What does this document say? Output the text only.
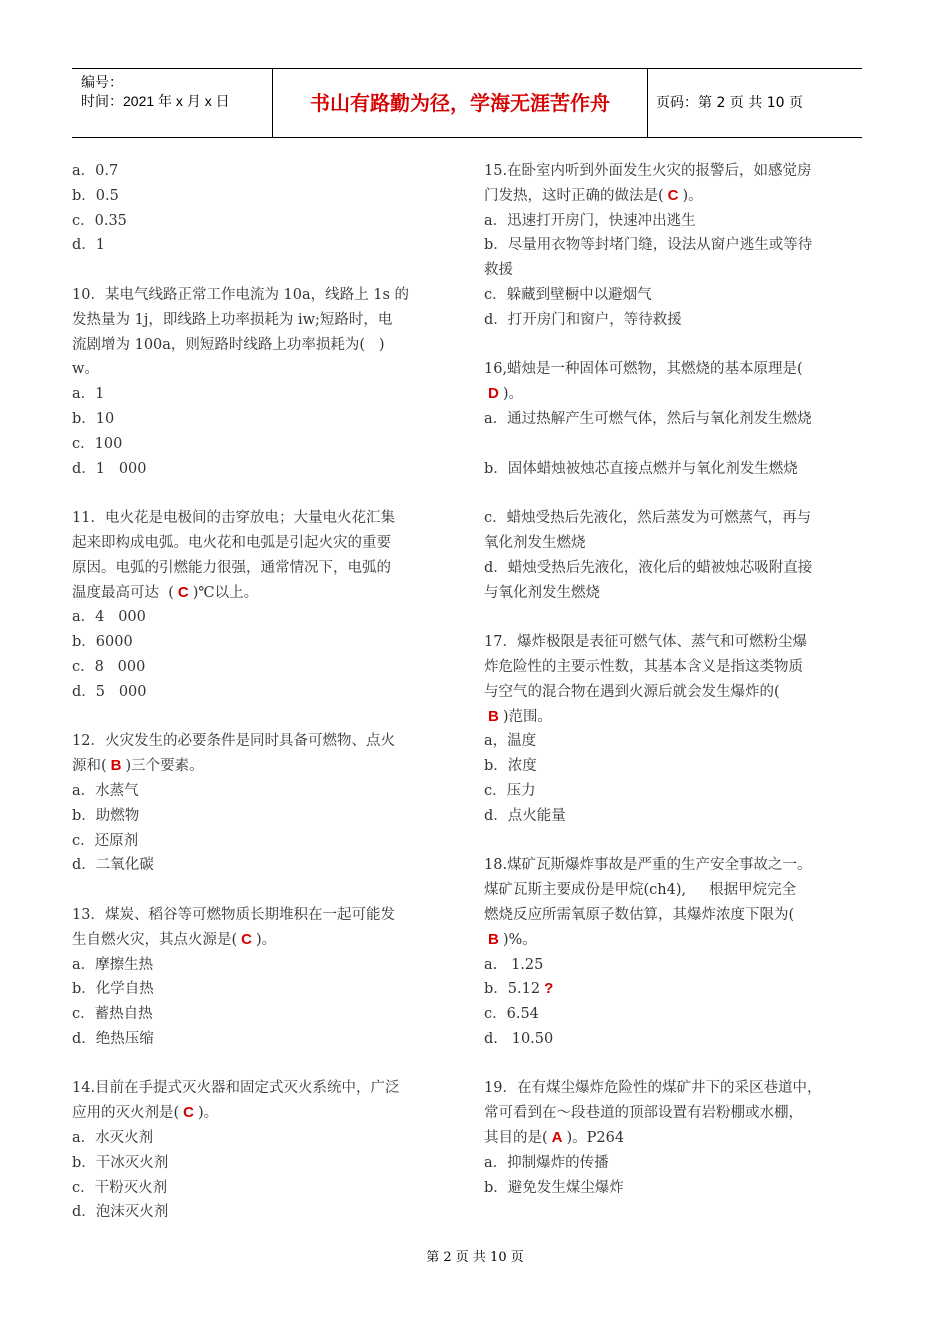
编号：
时间：2021 年 x 月 x 日	书山有路勤为径，学海无涯苦作舟	页码：第 2 页 共 10 页
a．0.7
b．0.5
c．0.35
d．1
10．某电气线路正常工作电流为 10a，线路上 1s 的
发热量为 1j，即线路上功率损耗为 iw;短路时，电
流剧增为 100a，则短路时线路上功率损耗为(   )
w。
a．1
b．10
c．100
d．1   000
11．电火花是电极间的击穿放电；大量电火花汇集
起来即构成电弧。电火花和电弧是引起火灾的重要
原因。电弧的引燃能力很强，通常情况下，电弧的
温度最高可达  ( C )℃以上。
a．4   000
b．6000
c．8   000
d．5   000
12．火灾发生的必要条件是同时具备可燃物、点火
源和( B )三个要素。
a．水蒸气
b．助燃物
c．还原剂
d．二氧化碳
13．煤炭、稻谷等可燃物质长期堆积在一起可能发
生自燃火灾，其点火源是( C )。
a．摩擦生热
b．化学自热
c．蓄热自热
d．绝热压缩
14.目前在手提式灭火器和固定式灭火系统中，广泛
应用的灭火剂是( C )。
a．水灭火剂
b．干冰灭火剂
c．干粉灭火剂
d．泡沫灭火剂
15.在卧室内听到外面发生火灾的报警后，如感觉房
门发热，这时正确的做法是( C )。
a．迅速打开房门，快速冲出逃生
b．尽量用衣物等封堵门缝，设法从窗户逃生或等待
救援
c．躲藏到壁橱中以避烟气
d．打开房门和窗户，等待救援
16,蜡烛是一种固体可燃物，其燃烧的基本原理是(
D )。
a．通过热解产生可燃气体，然后与氧化剂发生燃烧
b．固体蜡烛被烛芯直接点燃并与氧化剂发生燃烧
c．蜡烛受热后先液化，然后蒸发为可燃蒸气，再与
氧化剂发生燃烧
d．蜡烛受热后先液化，液化后的蜡被烛芯吸附直接
与氧化剂发生燃烧
17．爆炸极限是表征可燃气体、蒸气和可燃粉尘爆
炸危险性的主要示性数，其基本含义是指这类物质
与空气的混合物在遇到火源后就会发生爆炸的(
B )范围。
a，温度
b．浓度
c．压力
d．点火能量
18.煤矿瓦斯爆炸事故是严重的生产安全事故之一。
煤矿瓦斯主要成份是甲烷(ch4),     根据甲烷完全
燃烧反应所需氧原子数估算，其爆炸浓度下限为(
B )%。
a.   1.25
b．5.12 ?
c．6.54
d.   10.50
19．在有煤尘爆炸危险性的煤矿井下的采区巷道中，
常可看到在～段巷道的顶部设置有岩粉棚或水棚，
其目的是( A )。P264
a．抑制爆炸的传播
b．避免发生煤尘爆炸
第 2 页 共 10 页
